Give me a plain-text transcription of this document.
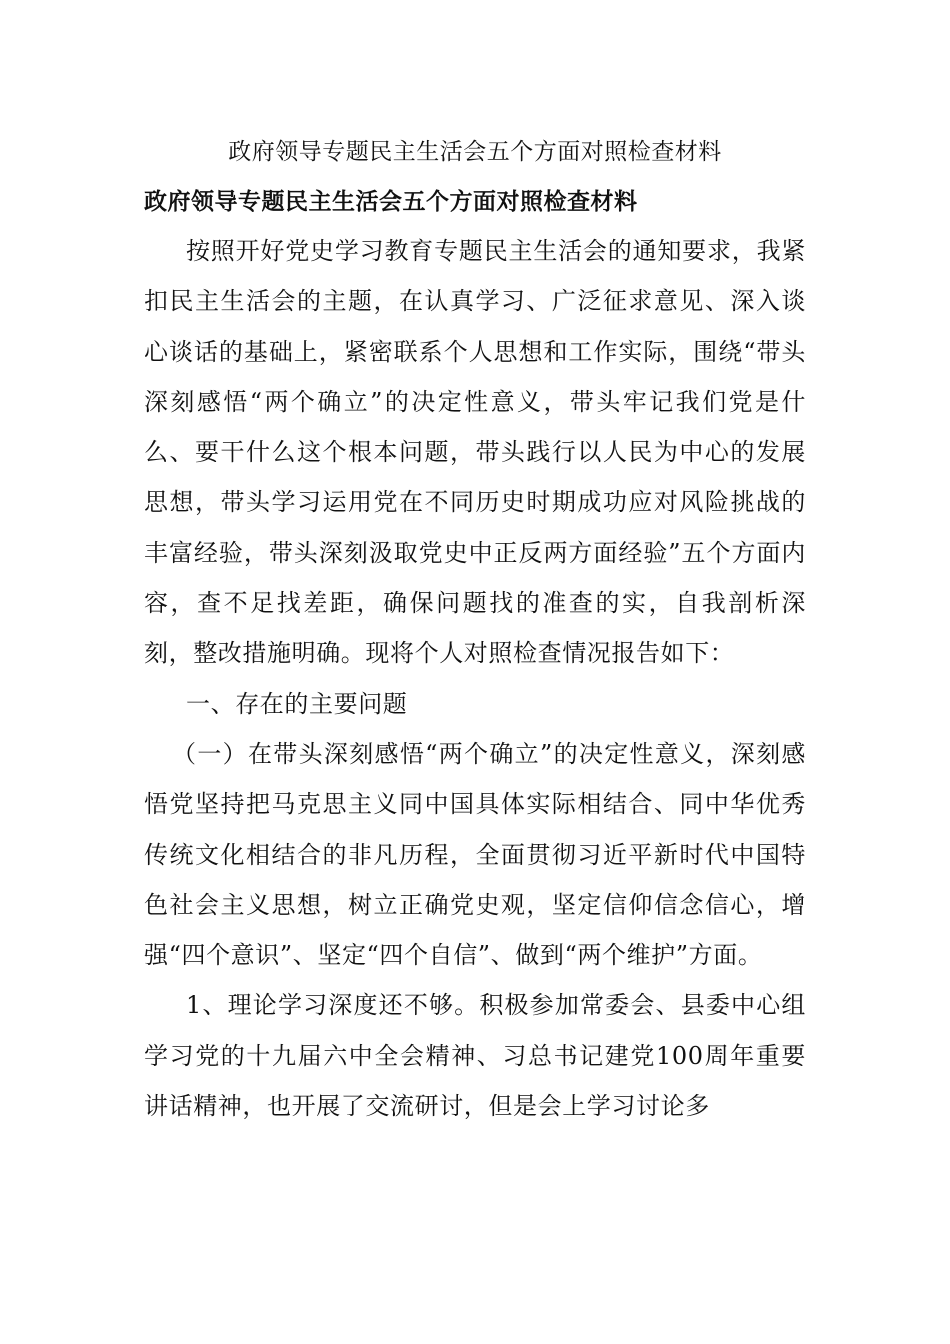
政府领导专题民主生活会五个方面对照检查材料
政府领导专题民主生活会五个方面对照检查材料

按照开好党史学习教育专题民主生活会的通知要求，我紧扣民主生活会的主题，在认真学习、广泛征求意见、深入谈心谈话的基础上，紧密联系个人思想和工作实际，围绕“带头深刻感悟“两个确立”的决定性意义，带头牢记我们党是什么、要干什么这个根本问题，带头践行以人民为中心的发展思想，带头学习运用党在不同历史时期成功应对风险挑战的丰富经验，带头深刻汲取党史中正反两方面经验”五个方面内容，查不足找差距，确保问题找的准查的实，自我剖析深刻，整改措施明确。现将个人对照检查情况报告如下：

一、存在的主要问题

（一）在带头深刻感悟“两个确立”的决定性意义，深刻感悟党坚持把马克思主义同中国具体实际相结合、同中华优秀传统文化相结合的非凡历程，全面贯彻习近平新时代中国特色社会主义思想，树立正确党史观，坚定信仰信念信心，增强“四个意识”、坚定“四个自信”、做到“两个维护”方面。

1、理论学习深度还不够。积极参加常委会、县委中心组学习党的十九届六中全会精神、习总书记建党100周年重要讲话精神，也开展了交流研讨，但是会上学习讨论多
